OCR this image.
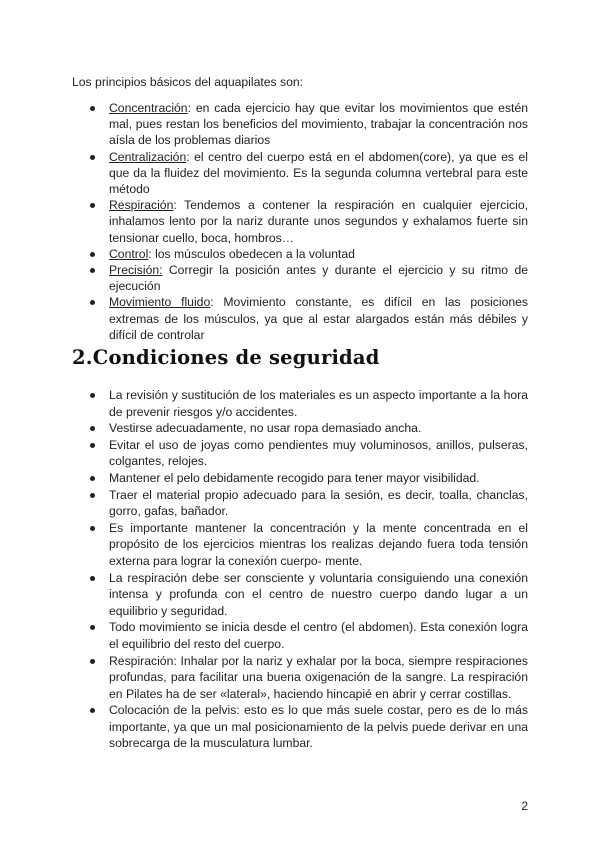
Los principios básicos del aquapilates son:

Concentración: en cada ejercicio hay que evitar los movimientos que estén mal, pues restan los beneficios del movimiento, trabajar la concentración nos aísla de los problemas diarios
Centralización: el centro del cuerpo está en el abdomen(core), ya que es el que da la fluidez del movimiento. Es la segunda columna vertebral para este método
Respiración: Tendemos a contener la respiración en cualquier ejercicio, inhalamos lento por la nariz durante unos segundos y exhalamos fuerte sin tensionar cuello, boca, hombros…
Control: los músculos obedecen a la voluntad
Precisión: Corregir la posición antes y durante el ejercicio y su ritmo de ejecución
Movimiento fluido: Movimiento constante, es difícil en las posiciones extremas de los músculos, ya que al estar alargados están más débiles y difícil de controlar
2.Condiciones de seguridad
La revisión y sustitución de los materiales es un aspecto importante a la hora de prevenir riesgos y/o accidentes.
Vestirse adecuadamente, no usar ropa demasiado ancha.
Evitar el uso de joyas como pendientes muy voluminosos, anillos, pulseras, colgantes, relojes.
Mantener el pelo debidamente recogido para tener mayor visibilidad.
Traer el material propio adecuado para la sesión, es decir, toalla, chanclas, gorro, gafas, bañador.
Es importante mantener la concentración y la mente concentrada en el propósito de los ejercicios mientras los realizas dejando fuera toda tensión externa para lograr la conexión cuerpo- mente.
La respiración debe ser consciente y voluntaria consiguiendo una conexión intensa y profunda con el centro de nuestro cuerpo dando lugar a un equilibrio y seguridad.
Todo movimiento se inicia desde el centro (el abdomen). Esta conexión logra el equilibrio del resto del cuerpo.
Respiración: Inhalar por la nariz y exhalar por la boca, siempre respiraciones profundas, para facilitar una buena oxigenación de la sangre. La respiración en Pilates ha de ser «lateral», haciendo hincapié en abrir y cerrar costillas.
Colocación de la pelvis: esto es lo que más suele costar, pero es de lo más importante, ya que un mal posicionamiento de la pelvis puede derivar en una sobrecarga de la musculatura lumbar.
2
